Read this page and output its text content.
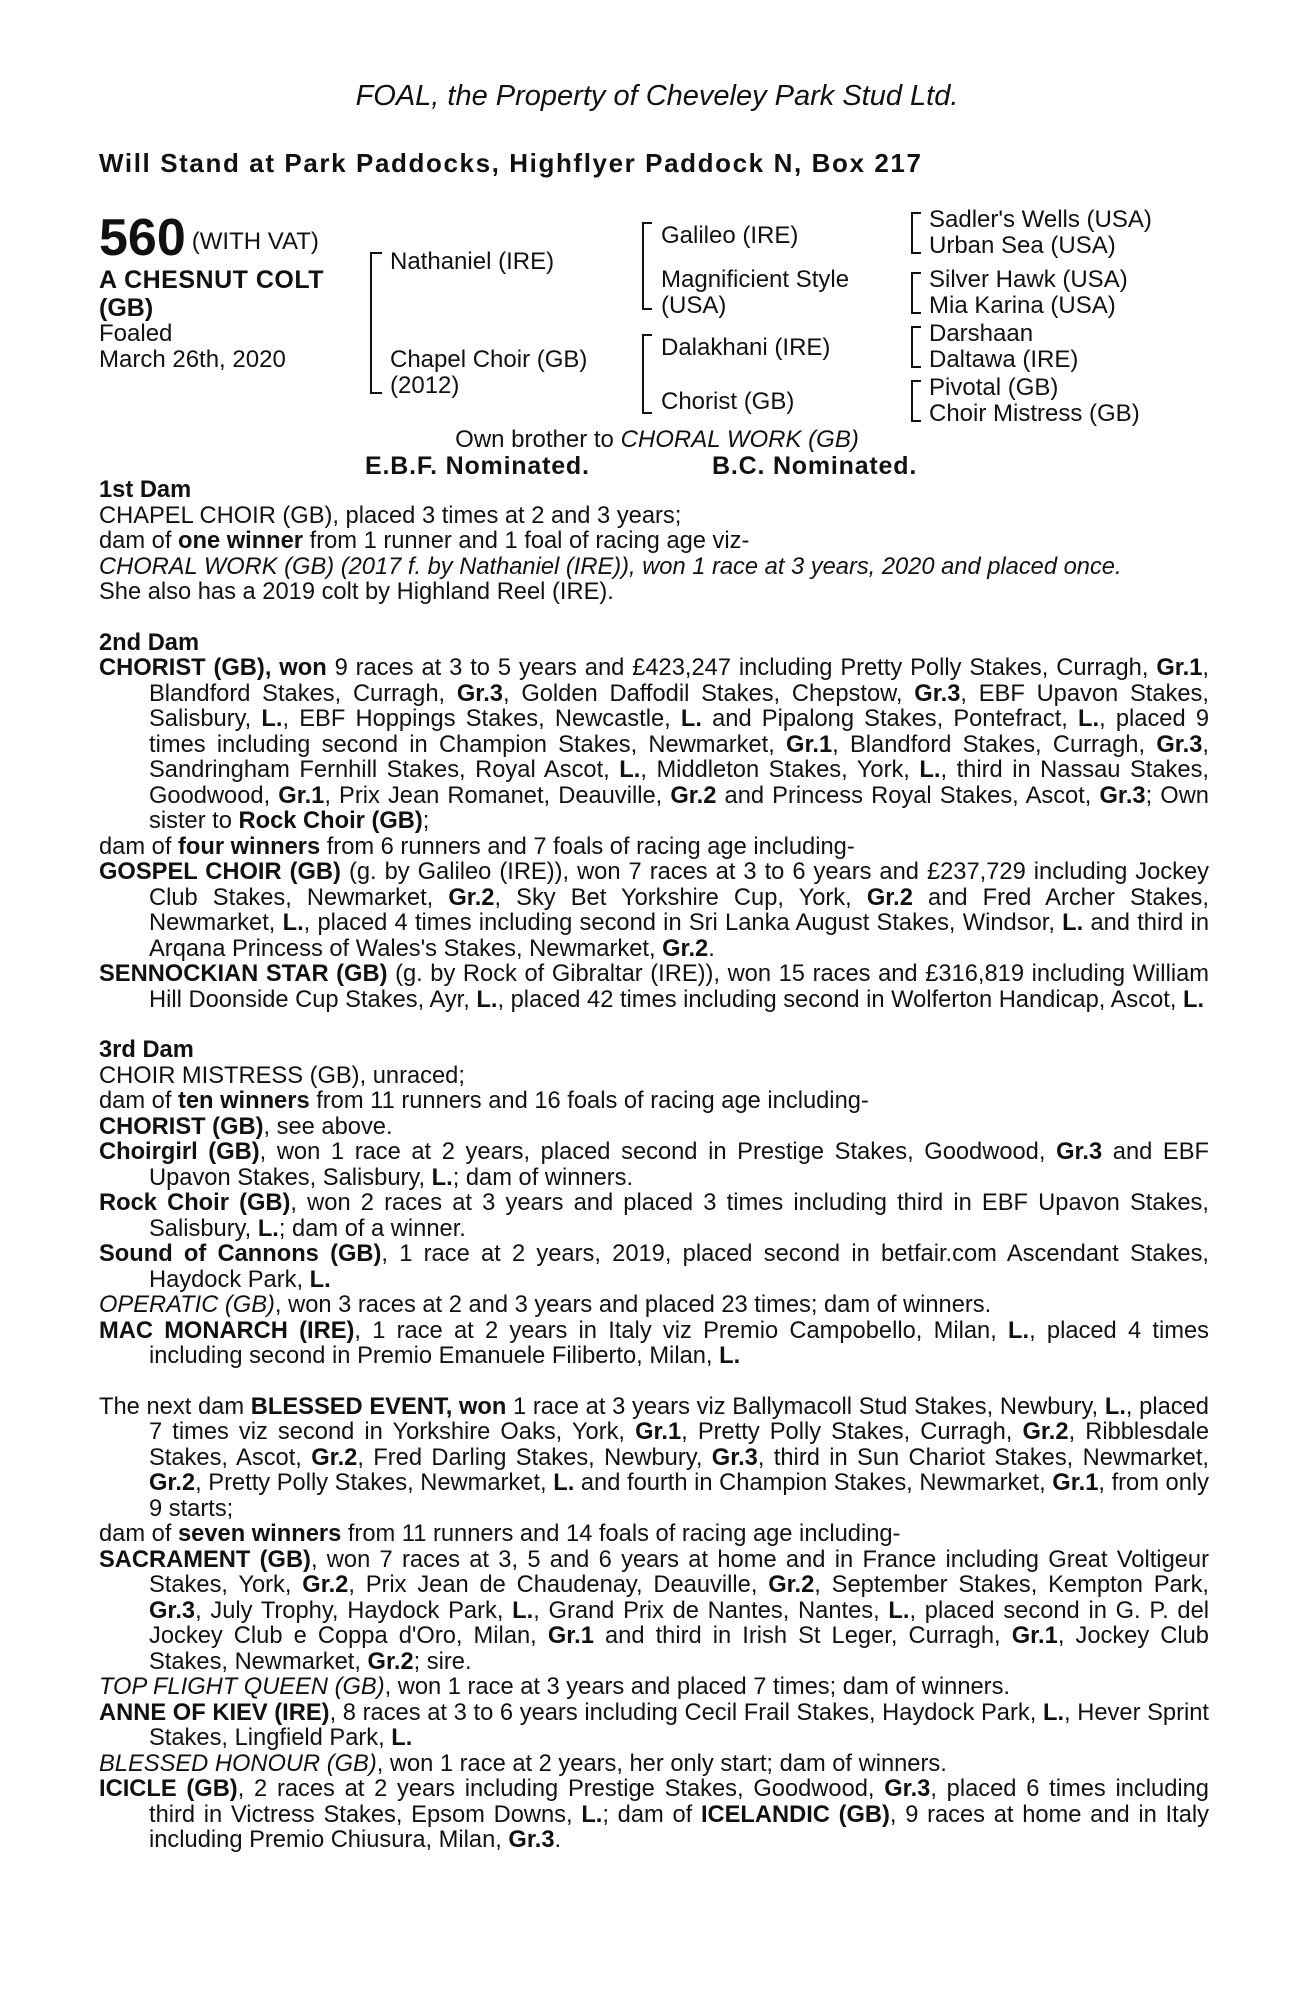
FOAL, the Property of Cheveley Park Stud Ltd.
Will Stand at Park Paddocks, Highflyer Paddock N, Box 217
560 (WITH VAT)
A CHESNUT COLT
(GB)
Foaled
March 26th, 2020
Nathaniel (IRE)
Chapel Choir (GB)
(2012)
Galileo (IRE)
Magnificient Style
(USA)
Dalakhani (IRE)
Chorist (GB)
Sadler's Wells (USA)
Urban Sea (USA)
Silver Hawk (USA)
Mia Karina (USA)
Darshaan
Daltawa (IRE)
Pivotal (GB)
Choir Mistress (GB)
Own brother to CHORAL WORK (GB)
E.B.F. Nominated.	B.C. Nominated.

1st Dam

CHAPEL CHOIR (GB), placed 3 times at 2 and 3 years;

dam of one winner from 1 runner and 1 foal of racing age viz-

CHORAL WORK (GB) (2017 f. by Nathaniel (IRE)), won 1 race at 3 years, 2020 and placed once.

She also has a 2019 colt by Highland Reel (IRE).

2nd Dam

CHORIST (GB), won 9 races at 3 to 5 years and £423,247 including Pretty Polly Stakes, Curragh, Gr.1, Blandford Stakes, Curragh, Gr.3, Golden Daffodil Stakes, Chepstow, Gr.3, EBF Upavon Stakes, Salisbury, L., EBF Hoppings Stakes, Newcastle, L. and Pipalong Stakes, Pontefract, L., placed 9 times including second in Champion Stakes, Newmarket, Gr.1, Blandford Stakes, Curragh, Gr.3, Sandringham Fernhill Stakes, Royal Ascot, L., Middleton Stakes, York, L., third in Nassau Stakes, Goodwood, Gr.1, Prix Jean Romanet, Deauville, Gr.2 and Princess Royal Stakes, Ascot, Gr.3; Own sister to Rock Choir (GB);

dam of four winners from 6 runners and 7 foals of racing age including-

GOSPEL CHOIR (GB) (g. by Galileo (IRE)), won 7 races at 3 to 6 years and £237,729 including Jockey Club Stakes, Newmarket, Gr.2, Sky Bet Yorkshire Cup, York, Gr.2 and Fred Archer Stakes, Newmarket, L., placed 4 times including second in Sri Lanka August Stakes, Windsor, L. and third in Arqana Princess of Wales's Stakes, Newmarket, Gr.2.

SENNOCKIAN STAR (GB) (g. by Rock of Gibraltar (IRE)), won 15 races and £316,819 including William Hill Doonside Cup Stakes, Ayr, L., placed 42 times including second in Wolferton Handicap, Ascot, L.

3rd Dam

CHOIR MISTRESS (GB), unraced;

dam of ten winners from 11 runners and 16 foals of racing age including-

CHORIST (GB), see above.

Choirgirl (GB), won 1 race at 2 years, placed second in Prestige Stakes, Goodwood, Gr.3 and EBF Upavon Stakes, Salisbury, L.; dam of winners.

Rock Choir (GB), won 2 races at 3 years and placed 3 times including third in EBF Upavon Stakes, Salisbury, L.; dam of a winner.

Sound of Cannons (GB), 1 race at 2 years, 2019, placed second in betfair.com Ascendant Stakes, Haydock Park, L.

OPERATIC (GB), won 3 races at 2 and 3 years and placed 23 times; dam of winners.

MAC MONARCH (IRE), 1 race at 2 years in Italy viz Premio Campobello, Milan, L., placed 4 times including second in Premio Emanuele Filiberto, Milan, L.

The next dam BLESSED EVENT, won 1 race at 3 years viz Ballymacoll Stud Stakes, Newbury, L., placed 7 times viz second in Yorkshire Oaks, York, Gr.1, Pretty Polly Stakes, Curragh, Gr.2, Ribblesdale Stakes, Ascot, Gr.2, Fred Darling Stakes, Newbury, Gr.3, third in Sun Chariot Stakes, Newmarket, Gr.2, Pretty Polly Stakes, Newmarket, L. and fourth in Champion Stakes, Newmarket, Gr.1, from only 9 starts;

dam of seven winners from 11 runners and 14 foals of racing age including-

SACRAMENT (GB), won 7 races at 3, 5 and 6 years at home and in France including Great Voltigeur Stakes, York, Gr.2, Prix Jean de Chaudenay, Deauville, Gr.2, September Stakes, Kempton Park, Gr.3, July Trophy, Haydock Park, L., Grand Prix de Nantes, Nantes, L., placed second in G. P. del Jockey Club e Coppa d'Oro, Milan, Gr.1 and third in Irish St Leger, Curragh, Gr.1, Jockey Club Stakes, Newmarket, Gr.2; sire.

TOP FLIGHT QUEEN (GB), won 1 race at 3 years and placed 7 times; dam of winners.

ANNE OF KIEV (IRE), 8 races at 3 to 6 years including Cecil Frail Stakes, Haydock Park, L., Hever Sprint Stakes, Lingfield Park, L.

BLESSED HONOUR (GB), won 1 race at 2 years, her only start; dam of winners.

ICICLE (GB), 2 races at 2 years including Prestige Stakes, Goodwood, Gr.3, placed 6 times including third in Victress Stakes, Epsom Downs, L.; dam of ICELANDIC (GB), 9 races at home and in Italy including Premio Chiusura, Milan, Gr.3.
